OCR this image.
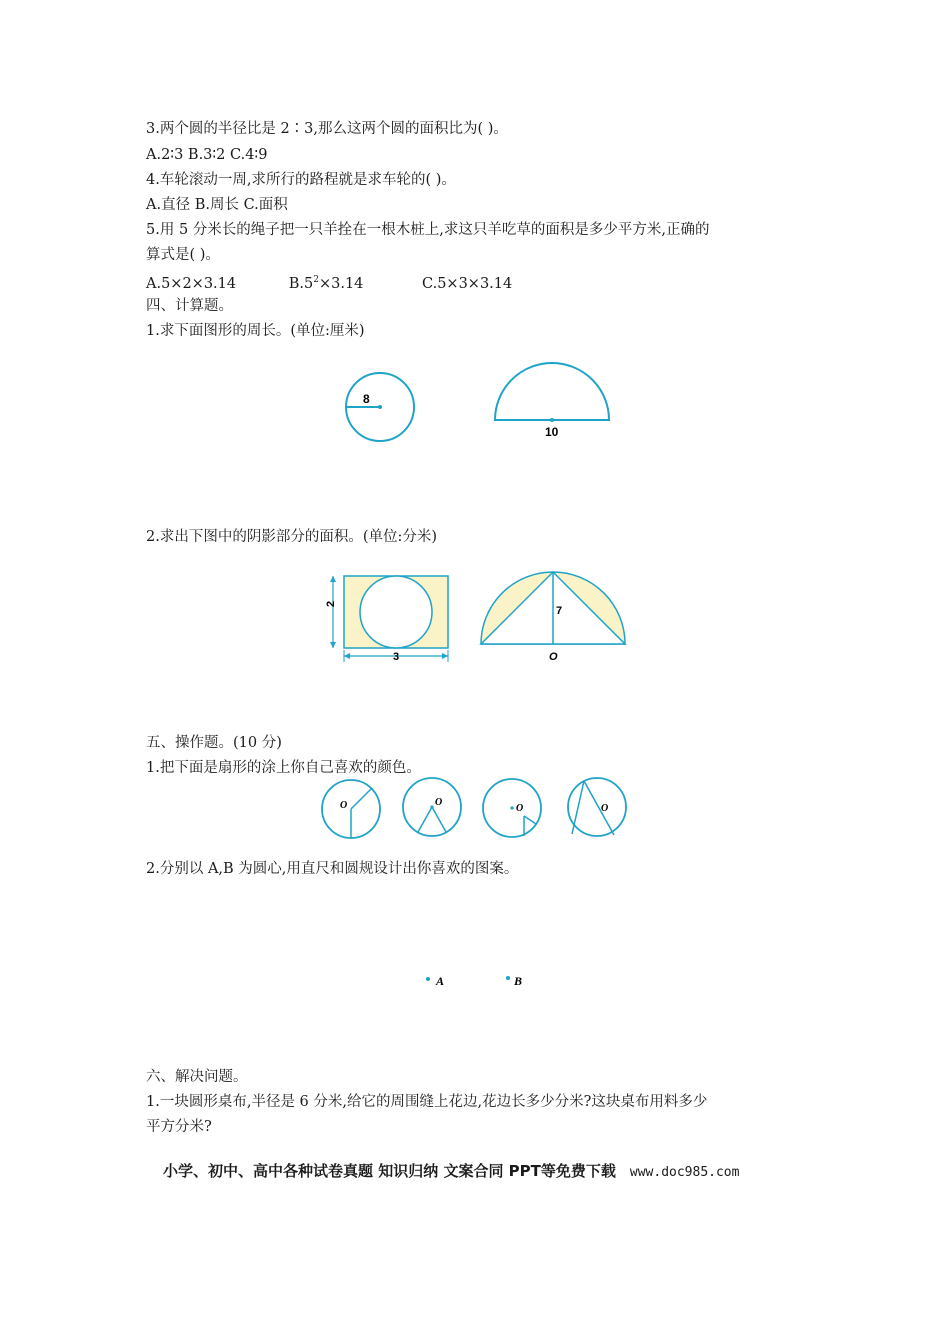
3.两个圆的半径比是 2∶3,那么这两个圆的面积比为( )。
A.2∶3 B.3∶2 C.4∶9
4.车轮滚动一周,求所行的路程就是求车轮的( )。
A.直径 B.周长 C.面积
5.用 5 分米长的绳子把一只羊拴在一根木桩上,求这只羊吃草的面积是多少平方米,正确的
算式是( )。
A.5×2×3.14	$B.5^2\times 3.14$	C.5×3×3.14
四、计算题。
1.求下面图形的周长。(单位:厘米)
8
10
2.求出下图中的阴影部分的面积。(单位:分米)
2
3
7
O
五、操作题。(10 分)
1.把下面是扇形的涂上你自己喜欢的颜色。
O	O
O	O
2.分别以 A,B 为圆心,用直尺和圆规设计出你喜欢的图案。
A	B
六、解决问题。
1.一块圆形桌布,半径是 6 分米,给它的周围缝上花边,花边长多少分米?这块桌布用料多少
平方分米?
小学、初中、高中各种试卷真题 知识归纳 文案合同 PPT等免费下载 www.doc985.com
